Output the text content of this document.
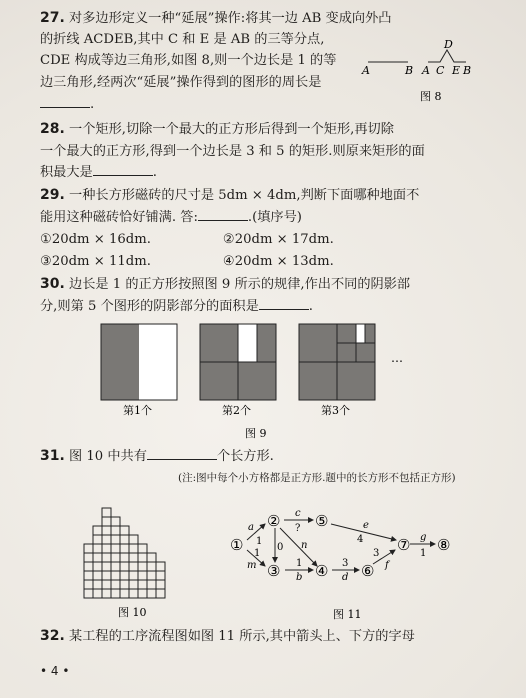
27. 对多边形定义一种“延展”操作:将其一边 AB 变成向外凸
的折线 ACDEB,其中 C 和 E 是 AB 的三等分点,
CDE 构成等边三角形,如图 8,则一个边长是 1 的等
边三角形,经两次“延展”操作得到的图形的周长是
.
A	B A C
D
E B
图 8
28. 一个矩形,切除一个最大的正方形后得到一个矩形,再切除
一个最大的正方形,得到一个边长是 3 和 5 的矩形.则原来矩形的面
积最大是	.
29. 一种长方形磁砖的尺寸是 5dm × 4dm,判断下面哪种地面不
能用这种磁砖恰好铺满. 答:	.(填序号)
①20dm × 16dm.	②20dm × 17dm.
③20dm × 11dm.	④20dm × 13dm.
30. 边长是 1 的正方形按照图 9 所示的规律,作出不同的阴影部
分,则第 5 个图形的阴影部分的面积是	.
…
第1个	第2个	第3个
图 9
31. 图 10 中共有	个长方形.
(注:图中每个小方格都是正方形.题中的长方形不包括正方形)
图 10
①
②
③ ④
⑤
⑥
⑦ ⑧
a
1
m
1
c
?
0 n
1
b
3
d
e
4
3
f
g
1
图 11
32. 某工程的工序流程图如图 11 所示,其中箭头上、下方的字母
• 4 •
